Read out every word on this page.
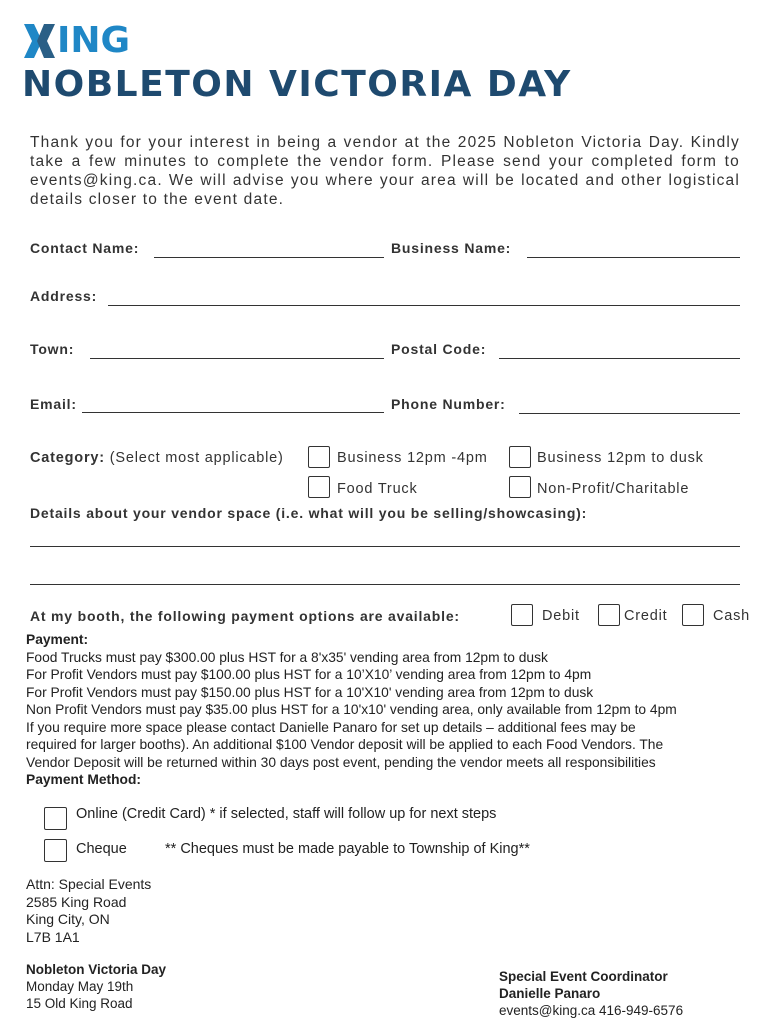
ING
NOBLETON VICTORIA DAY
Thank you for your interest in being a vendor at the 2025 Nobleton Victoria Day. Kindly take a few minutes to complete the vendor form. Please send your completed form to events@king.ca. We will advise you where your area will be located and other logistical details closer to the event date.
Contact Name:	Business Name:
Address:
Town:	Postal Code:
Email:	Phone Number:
Category: (Select most applicable)	Business 12pm -4pm	Business 12pm to dusk
Food Truck	Non-Profit/Charitable
Details about your vendor space (i.e. what will you be selling/showcasing):
At my booth, the following payment options are available:	Debit	Credit	Cash
Payment:
Food Trucks must pay $300.00 plus HST for a 8'x35' vending area from 12pm to dusk
For Profit Vendors must pay $100.00 plus HST for a 10’X10’ vending area from 12pm to 4pm
For Profit Vendors must pay $150.00 plus HST for a 10'X10' vending area from 12pm to dusk
Non Profit Vendors must pay $35.00 plus HST for a 10'x10' vending area, only available from 12pm to 4pm
If you require more space please contact Danielle Panaro for set up details – additional fees may be
required for larger booths). An additional $100 Vendor deposit will be applied to each Food Vendors. The
Vendor Deposit will be returned within 30 days post event, pending the vendor meets all responsibilities
Payment Method:
Online (Credit Card) * if selected, staff will follow up for next steps
Cheque	** Cheques must be made payable to Township of King**
Attn: Special Events
2585 King Road
King City, ON
L7B 1A1
Nobleton Victoria Day
Monday May 19th
15 Old King Road
Special Event Coordinator
Danielle Panaro
events@king.ca 416-949-6576
